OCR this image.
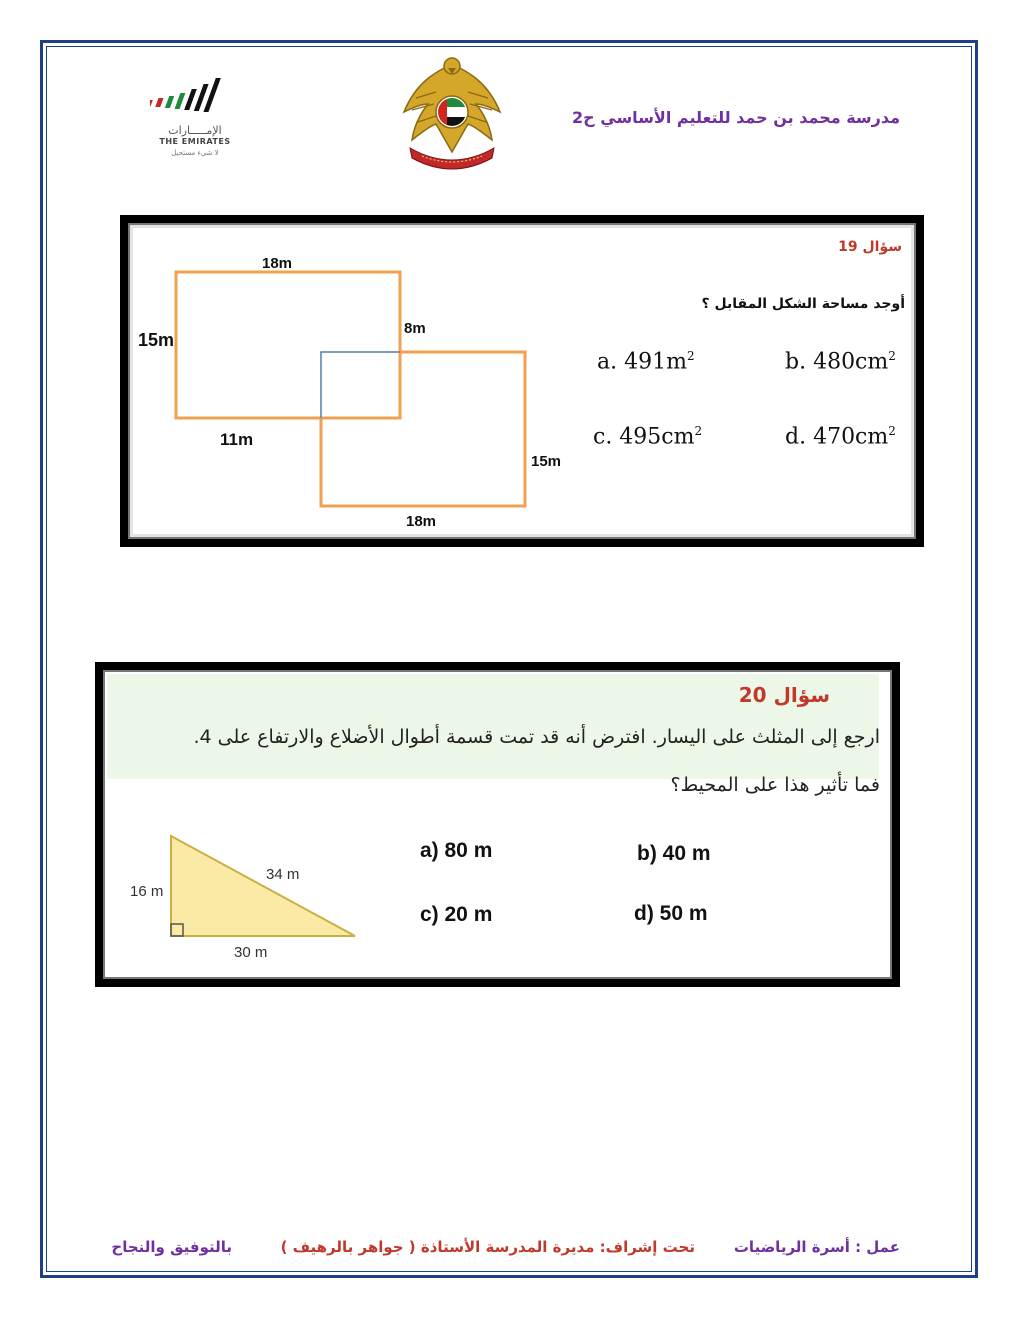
مدرسة محمد بن حمد للتعليم الأساسي ح2
الإمـــــارات
THE EMIRATES
لا شيء مستحيل
سؤال 19
أوجد مساحة الشكل المقابل ؟
18m
15m
8m
11m
15m
18m
a. $491m^2$	b. $480cm^2$
c. $495cm^2$	d. $470cm^2$
سؤال 20
ارجع إلى المثلث على اليسار. افترض أنه قد تمت قسمة أطوال الأضلاع والارتفاع على 4.
فما تأثير هذا على المحيط؟
34 m
16 m
30 m
a) 80 m	b) 40 m
c) 20 m	d) 50 m
عمل : أسرة الرياضيات
تحت إشراف: مديرة المدرسة الأستاذة ( جواهر بالرهيف )
بالتوفيق والنجاح
